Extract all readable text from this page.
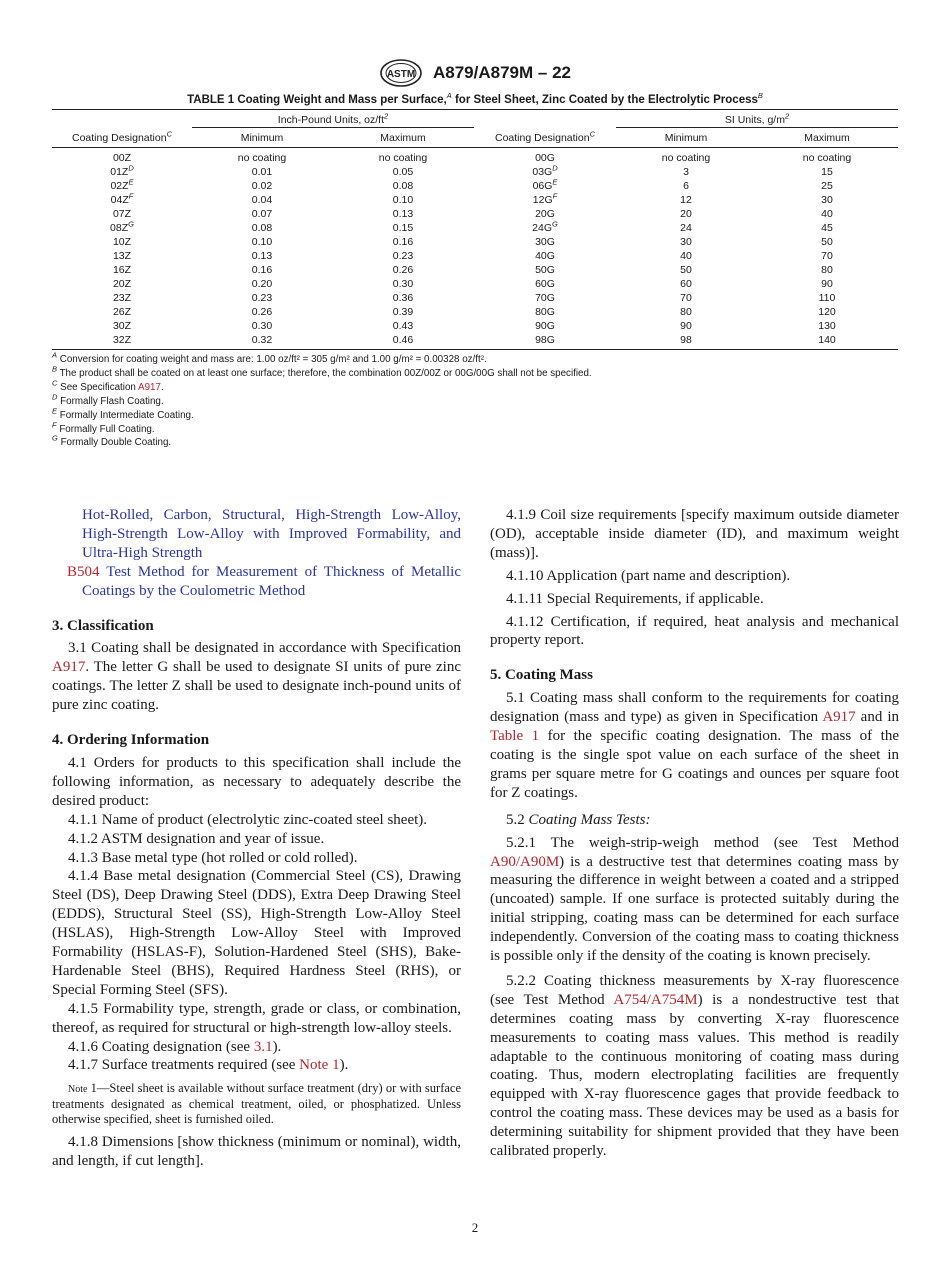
ASTM A879/A879M – 22
TABLE 1 Coating Weight and Mass per Surface,$^A$ for Steel Sheet, Zinc Coated by the Electrolytic Process$^B$
	Inch-Pound Units, $oz/ft^2$			SI Units, $g/m^2$
Coating Designation$^C$	Minimum	Maximum	Coating Designation$^C$	Minimum	Maximum
00Z	no coating	no coating	00G	no coating	no coating
$01Z^D$	0.01	0.05	$03G^D$	3	15
$02Z^E$	0.02	0.08	$06G^E$	6	25
$04Z^F$	0.04	0.10	$12G^F$	12	30
07Z	0.07	0.13	20G	20	40
$08Z^G$	0.08	0.15	$24G^G$	24	45
10Z	0.10	0.16	30G	30	50
13Z	0.13	0.23	40G	40	70
16Z	0.16	0.26	50G	50	80
20Z	0.20	0.30	60G	60	90
23Z	0.23	0.36	70G	70	110
26Z	0.26	0.39	80G	80	120
30Z	0.30	0.43	90G	90	130
32Z	0.32	0.46	98G	98	140
$^A$ Conversion for coating weight and mass are: 1.00 oz/ft² = 305 g/m² and 1.00 g/m² = 0.00328 oz/ft².
$^B$ The product shall be coated on at least one surface; therefore, the combination 00Z/00Z or 00G/00G shall not be specified.
$^C$ See Specification A917.
$^D$ Formally Flash Coating.
$^E$ Formally Intermediate Coating.
$^F$ Formally Full Coating.
$^G$ Formally Double Coating.

Hot-Rolled, Carbon, Structural, High-Strength Low-Alloy, High-Strength Low-Alloy with Improved Formability, and Ultra-High Strength

B504 Test Method for Measurement of Thickness of Metallic Coatings by the Coulometric Method

3. Classification

3.1 Coating shall be designated in accordance with Specification A917. The letter G shall be used to designate SI units of pure zinc coatings. The letter Z shall be used to designate inch-pound units of pure zinc coating.

4. Ordering Information

4.1 Orders for products to this specification shall include the following information, as necessary to adequately describe the desired product:

4.1.1 Name of product (electrolytic zinc-coated steel sheet).

4.1.2 ASTM designation and year of issue.

4.1.3 Base metal type (hot rolled or cold rolled).

4.1.4 Base metal designation (Commercial Steel (CS), Drawing Steel (DS), Deep Drawing Steel (DDS), Extra Deep Drawing Steel (EDDS), Structural Steel (SS), High-Strength Low-Alloy Steel (HSLAS), High-Strength Low-Alloy Steel with Improved Formability (HSLAS-F), Solution-Hardened Steel (SHS), Bake-Hardenable Steel (BHS), Required Hardness Steel (RHS), or Special Forming Steel (SFS).

4.1.5 Formability type, strength, grade or class, or combination, thereof, as required for structural or high-strength low-alloy steels.

4.1.6 Coating designation (see 3.1).

4.1.7 Surface treatments required (see Note 1).

Note 1—Steel sheet is available without surface treatment (dry) or with surface treatments designated as chemical treatment, oiled, or phosphatized. Unless otherwise specified, sheet is furnished oiled.

4.1.8 Dimensions [show thickness (minimum or nominal), width, and length, if cut length].

4.1.9 Coil size requirements [specify maximum outside diameter (OD), acceptable inside diameter (ID), and maximum weight (mass)].

4.1.10 Application (part name and description).

4.1.11 Special Requirements, if applicable.

4.1.12 Certification, if required, heat analysis and mechanical property report.

5. Coating Mass

5.1 Coating mass shall conform to the requirements for coating designation (mass and type) as given in Specification A917 and in Table 1 for the specific coating designation. The mass of the coating is the single spot value on each surface of the sheet in grams per square metre for G coatings and ounces per square foot for Z coatings.

5.2 Coating Mass Tests:

5.2.1 The weigh-strip-weigh method (see Test Method A90/A90M) is a destructive test that determines coating mass by measuring the difference in weight between a coated and a stripped (uncoated) sample. If one surface is protected suitably during the initial stripping, coating mass can be determined for each surface independently. Conversion of the coating mass to coating thickness is possible only if the density of the coating is known precisely.

5.2.2 Coating thickness measurements by X-ray fluorescence (see Test Method A754/A754M) is a nondestructive test that determines coating mass by converting X-ray fluorescence measurements to coating mass values. This method is readily adaptable to the continuous monitoring of coating mass during coating. Thus, modern electroplating facilities are frequently equipped with X-ray fluorescence gages that provide feedback to control the coating mass. These devices may be used as a basis for determining suitability for shipment provided that they have been calibrated properly.

2
